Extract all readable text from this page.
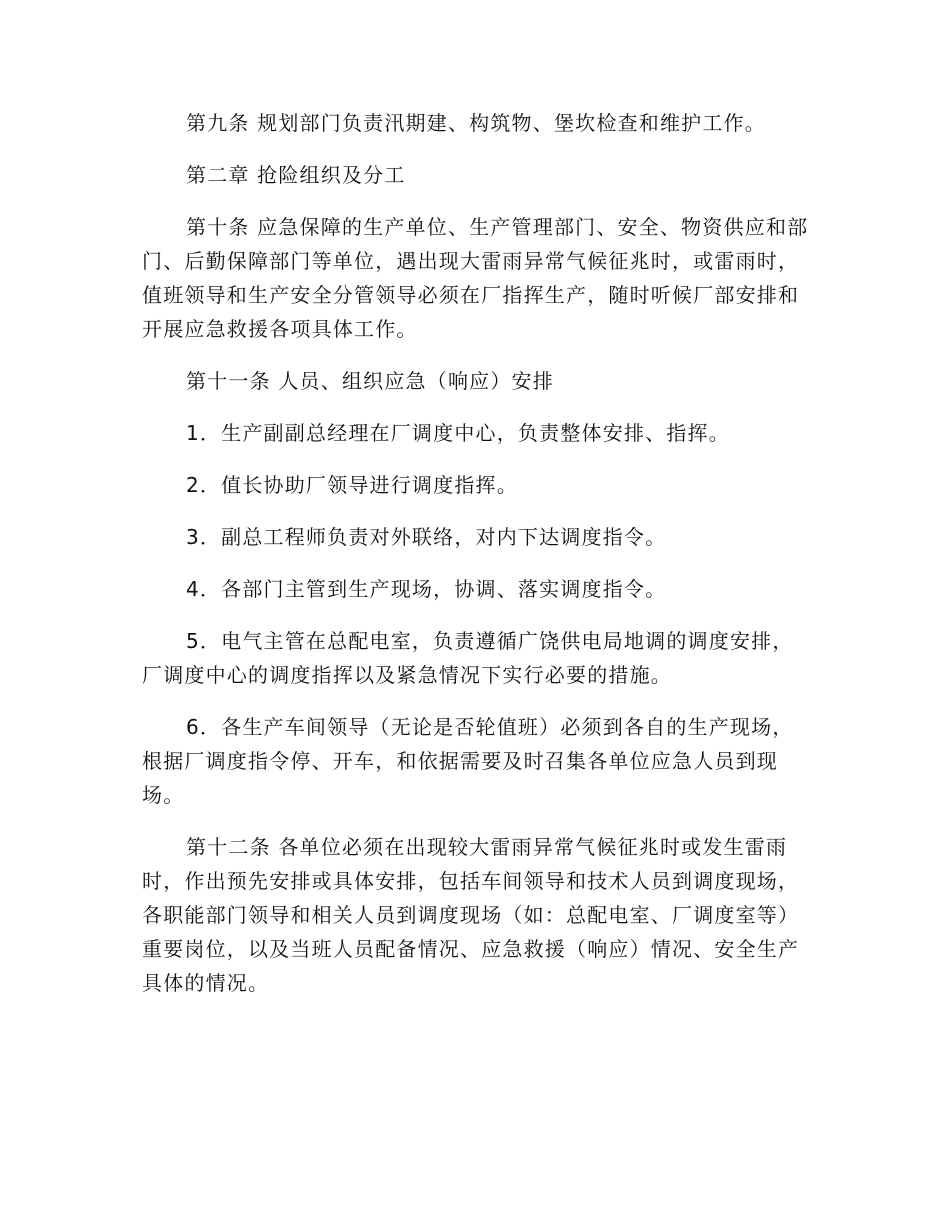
第九条 规划部门负责汛期建、构筑物、堡坎检查和维护工作。

第二章 抢险组织及分工

第十条 应急保障的生产单位、生产管理部门、安全、物资供应和部门、后勤保障部门等单位，遇出现大雷雨异常气候征兆时，或雷雨时，值班领导和生产安全分管领导必须在厂指挥生产，随时听候厂部安排和开展应急救援各项具体工作。

第十一条 人员、组织应急（响应）安排

1．生产副副总经理在厂调度中心，负责整体安排、指挥。

2．值长协助厂领导进行调度指挥。

3．副总工程师负责对外联络，对内下达调度指令。

4．各部门主管到生产现场，协调、落实调度指令。

5．电气主管在总配电室，负责遵循广饶供电局地调的调度安排，厂调度中心的调度指挥以及紧急情况下实行必要的措施。

6．各生产车间领导（无论是否轮值班）必须到各自的生产现场，根据厂调度指令停、开车，和依据需要及时召集各单位应急人员到现场。

第十二条 各单位必须在出现较大雷雨异常气候征兆时或发生雷雨时，作出预先安排或具体安排，包括车间领导和技术人员到调度现场，各职能部门领导和相关人员到调度现场（如：总配电室、厂调度室等）重要岗位，以及当班人员配备情况、应急救援（响应）情况、安全生产具体的情况。
